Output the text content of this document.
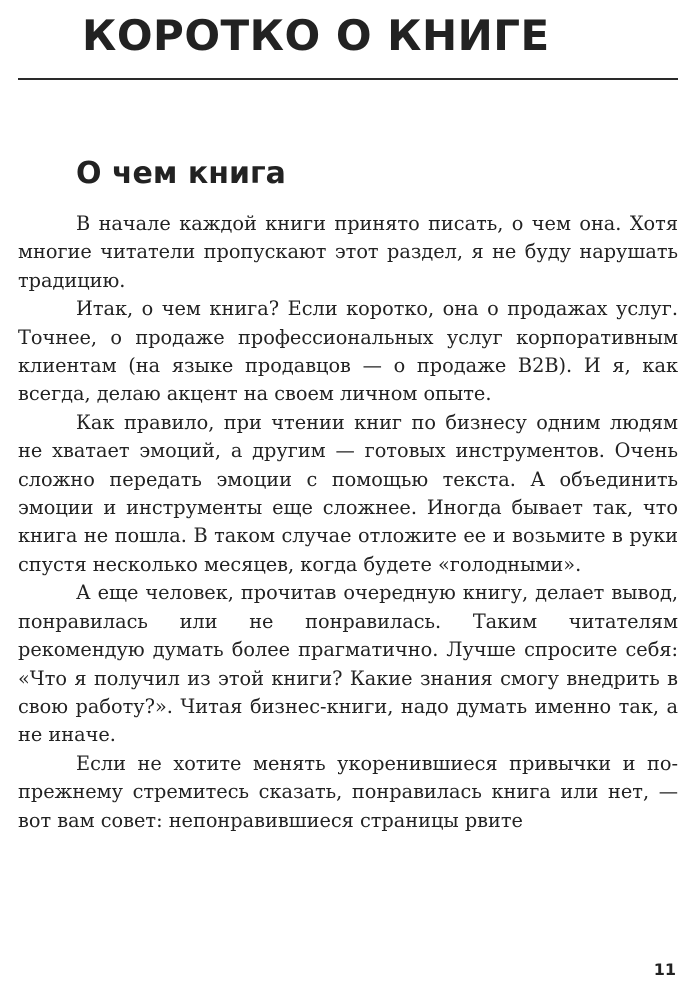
КОРОТКО О КНИГЕ
О чем книга

В начале каждой книги принято писать, о чем она. Хотя многие читатели пропускают этот раздел, я не буду нарушать традицию.

Итак, о чем книга? Если коротко, она о продажах услуг. Точнее, о продаже профессиональных услуг корпоративным клиентам (на языке продавцов — о продаже B2B). И я, как всегда, делаю акцент на своем личном опыте.

Как правило, при чтении книг по бизнесу одним людям не хватает эмоций, а другим — готовых инструментов. Очень сложно передать эмоции с помощью текста. А объединить эмоции и инструменты еще сложнее. Иногда бывает так, что книга не пошла. В таком случае отложите ее и возьмите в руки спустя несколько месяцев, когда будете «голодными».

А еще человек, прочитав очередную книгу, делает вывод, понравилась или не понравилась. Таким читателям рекомендую думать более прагматично. Лучше спросите себя: «Что я получил из этой книги? Какие знания смогу внедрить в свою работу?». Читая бизнес-книги, надо думать именно так, а не иначе.

Если не хотите менять укоренившиеся привычки и по-прежнему стремитесь сказать, понравилась книга или нет, — вот вам совет: непонравившиеся страницы рвите

11
